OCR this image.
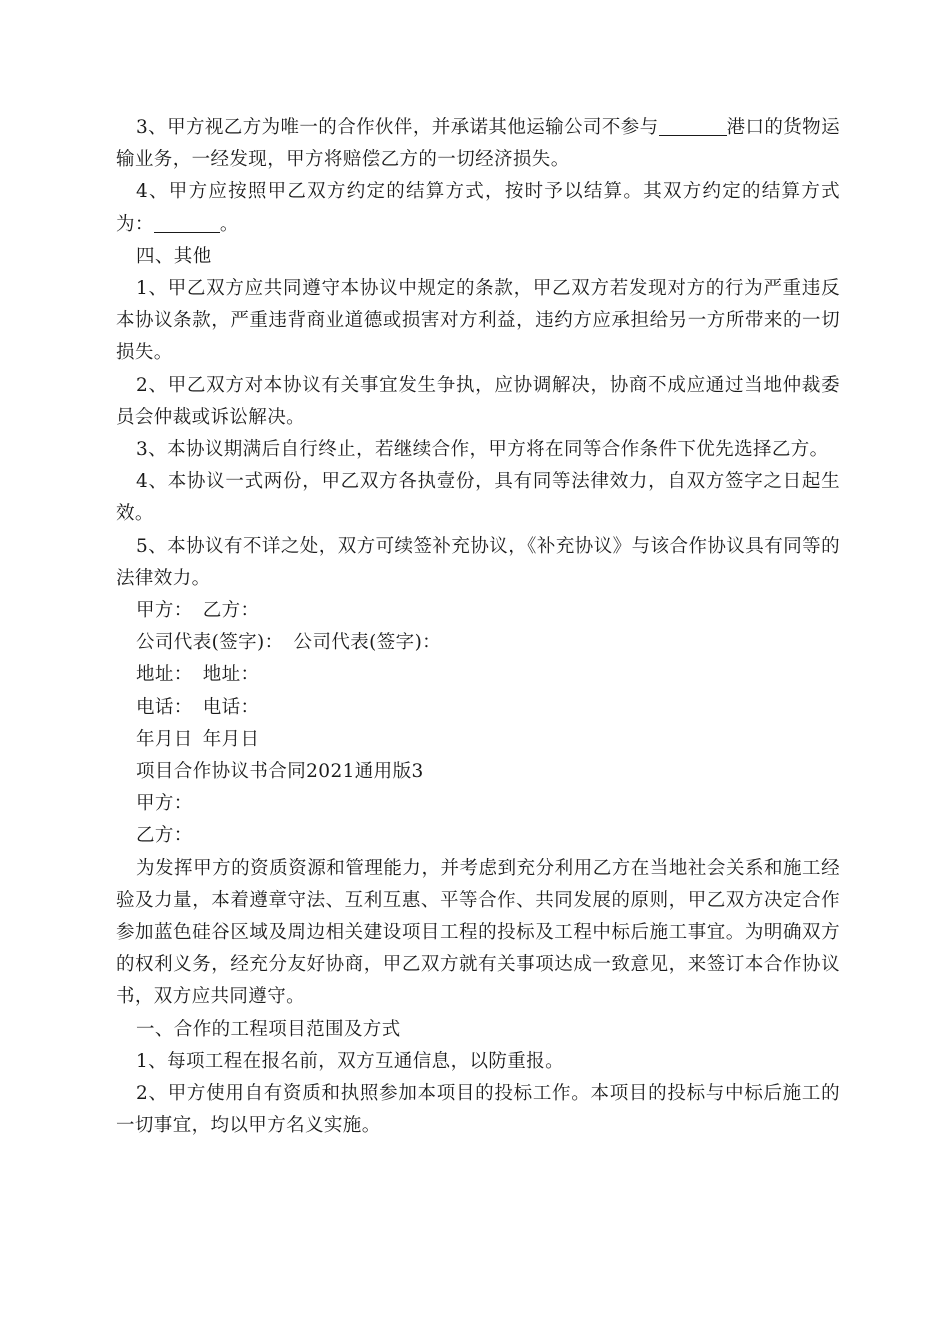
3、甲方视乙方为唯一的合作伙伴，并承诺其他运输公司不参与	港口的货物运输业务，一经发现，甲方将赔偿乙方的一切经济损失。

4、甲方应按照甲乙双方约定的结算方式，按时予以结算。其双方约定的结算方式为：	。

四、其他

1、甲乙双方应共同遵守本协议中规定的条款，甲乙双方若发现对方的行为严重违反本协议条款，严重违背商业道德或损害对方利益，违约方应承担给另一方所带来的一切损失。

2、甲乙双方对本协议有关事宜发生争执，应协调解决，协商不成应通过当地仲裁委员会仲裁或诉讼解决。

3、本协议期满后自行终止，若继续合作，甲方将在同等合作条件下优先选择乙方。

4、本协议一式两份，甲乙双方各执壹份，具有同等法律效力，自双方签字之日起生效。

5、本协议有不详之处，双方可续签补充协议，《补充协议》与该合作协议具有同等的法律效力。

甲方： 乙方：

公司代表(签字)： 公司代表(签字)：

地址： 地址：

电话： 电话：

年月日 年月日

项目合作协议书合同2021通用版3

甲方：

乙方：

为发挥甲方的资质资源和管理能力，并考虑到充分利用乙方在当地社会关系和施工经验及力量，本着遵章守法、互利互惠、平等合作、共同发展的原则，甲乙双方决定合作参加蓝色硅谷区域及周边相关建设项目工程的投标及工程中标后施工事宜。为明确双方的权利义务，经充分友好协商，甲乙双方就有关事项达成一致意见，来签订本合作协议书，双方应共同遵守。

一、合作的工程项目范围及方式

1、每项工程在报名前，双方互通信息，以防重报。

2、甲方使用自有资质和执照参加本项目的投标工作。本项目的投标与中标后施工的一切事宜，均以甲方名义实施。
